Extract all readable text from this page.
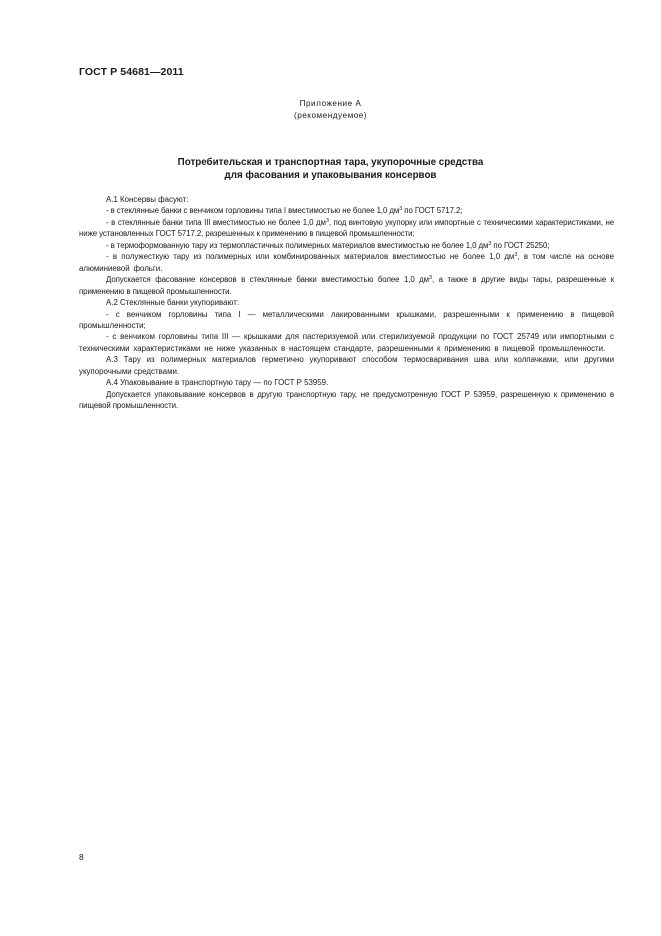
ГОСТ Р 54681—2011
Приложение А
(рекомендуемое)
Потребительская и транспортная тара, укупорочные средства
для фасования и упаковывания консервов

А.1 Консервы фасуют:

- в стеклянные банки с венчиком горловины типа I вместимостью не более 1,0 $дм^3$ по ГОСТ 5717.2;

- в стеклянные банки типа III вместимостью не более 1,0 $дм^3$, под винтовую укупорку или импортные с техническими характеристиками, не ниже установленных ГОСТ 5717.2, разрешенных к применению в пищевой промышленности;

- в термоформованную тару из термопластичных полимерных материалов вместимостью не более 1,0 $дм^3$ по ГОСТ 25250;

- в полужесткую тару из полимерных или комбинированных материалов вместимостью не более 1,0 $дм^3$, в том числе на основе алюминиевой фольги.

Допускается фасование консервов в стеклянные банки вместимостью более 1,0 $дм^3$, а также в другие виды тары, разрешенные к применению в пищевой промышленности.

А.2 Стеклянные банки укупоривают:

- с венчиком горловины типа I — металлическими лакированными крышками, разрешенными к применению в пищевой промышленности;

- с венчиком горловины типа III — крышками для пастеризуемой или стерилизуемой продукции по ГОСТ 25749 или импортными с техническими характеристиками не ниже указанных в настоящем стандарте, разрешенными к применению в пищевой промышленности.

А.3 Тару из полимерных материалов герметично укупоривают способом термосваривания шва или колпачками, или другими укупорочными средствами.

А.4 Упаковывание в транспортную тару — по ГОСТ Р 53959.

Допускается упаковывание консервов в другую транспортную тару, не предусмотренную ГОСТ Р 53959, разрешенную к применению в пищевой промышленности.

8
